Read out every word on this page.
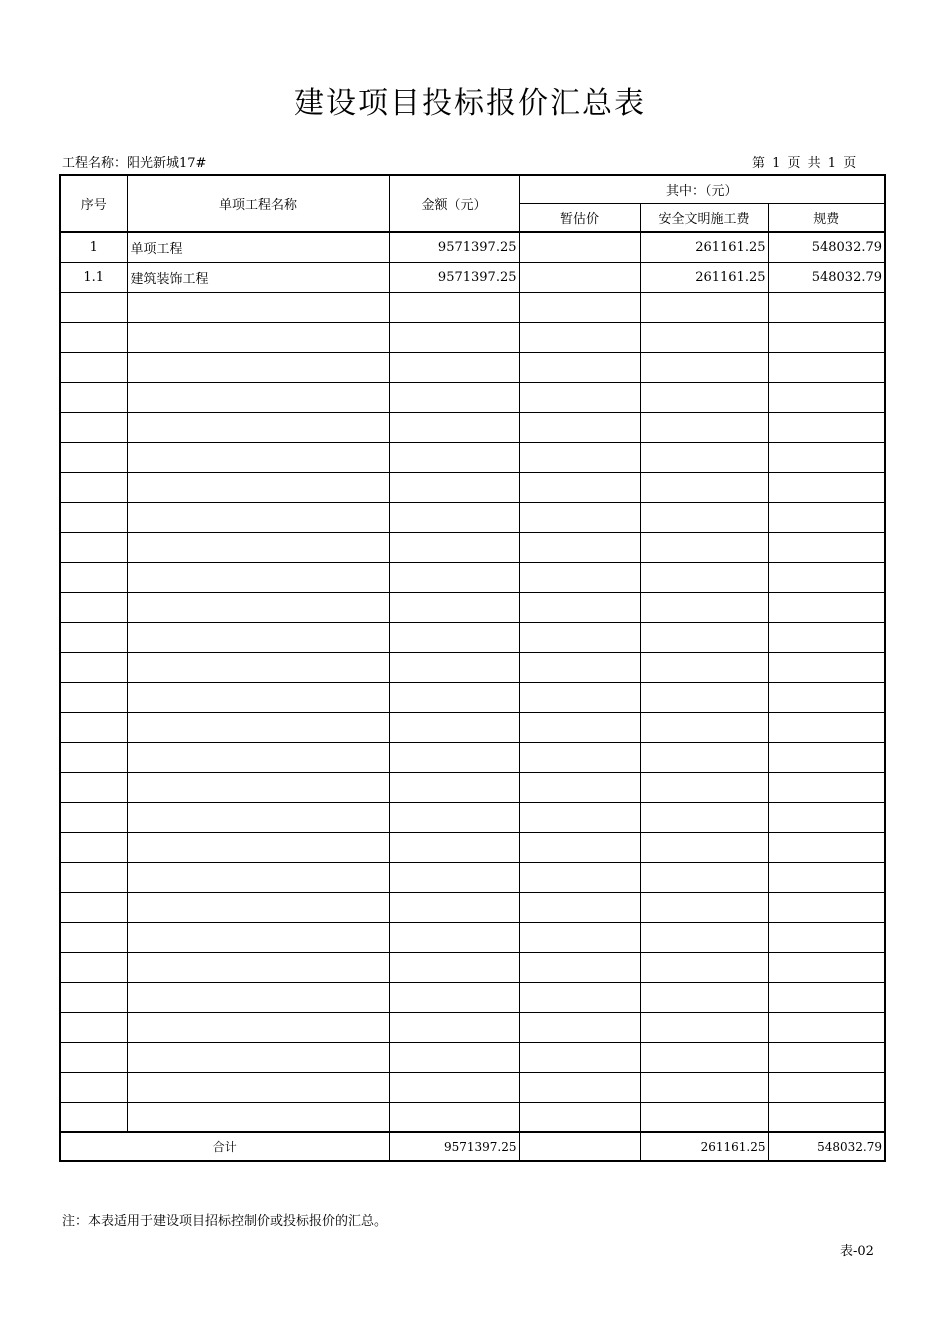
建设项目投标报价汇总表
工程名称：阳光新城17#	第 1 页 共 1 页
序号	单项工程名称	金额（元）	其中：（元）		
			暂估价	安全文明施工费	规费
1	单项工程	9571397.25		261161.25	548032.79
1.1	建筑装饰工程	9571397.25		261161.25	548032.79

合计		9571397.25		261161.25	548032.79
注：本表适用于建设项目招标控制价或投标报价的汇总。
表-02
